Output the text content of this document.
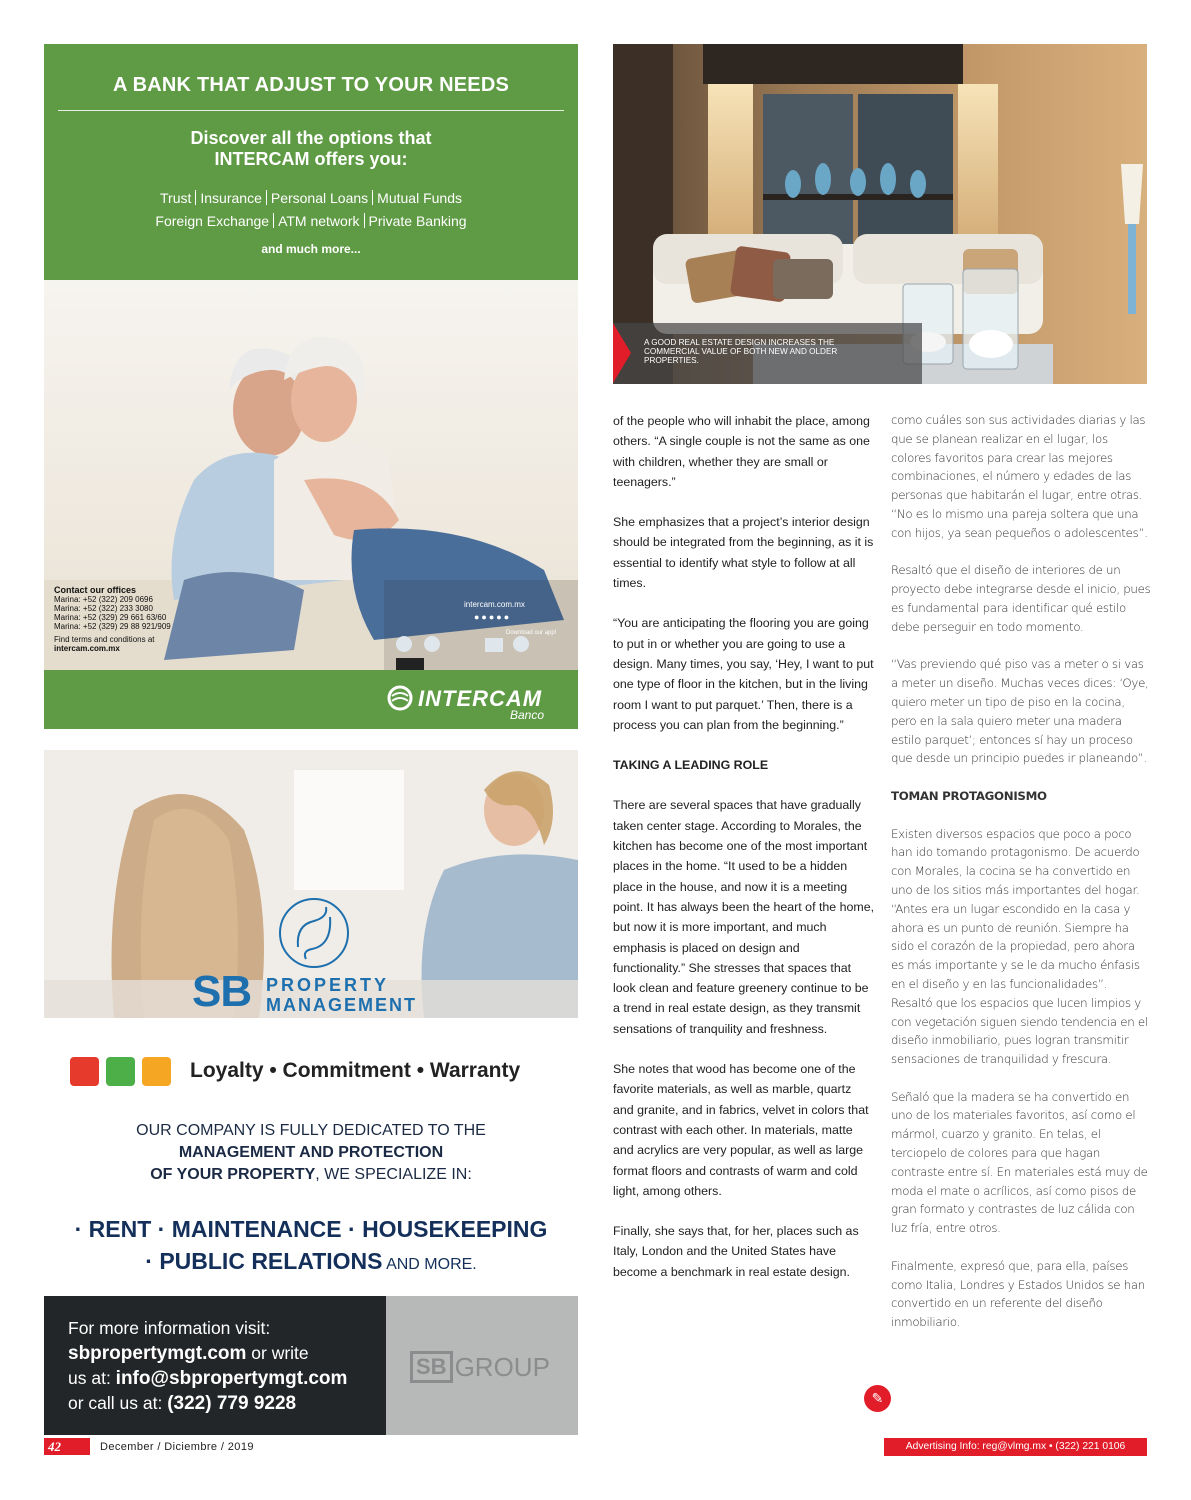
A BANK THAT ADJUST TO YOUR NEEDS
Discover all the options that
INTERCAM offers you:
Trust Insurance Personal Loans Mutual Funds
Foreign Exchange ATM network Private Banking
and much more...
Contact our offices
Marina: +52 (322) 209 0696
Marina: +52 (322) 233 3080
Marina: +52 (329) 29 661 63/60
Marina: +52 (329) 29 88 921/909
Find terms and conditions at
intercam.com.mx
intercam.com.mx
●●●●●
Download our app!

INTERCAM
Banco
SB PROPERTY
MANAGEMENT
Loyalty • Commitment • Warranty
OUR COMPANY IS FULLY DEDICATED TO THE
MANAGEMENT AND PROTECTION
OF YOUR PROPERTY, WE SPECIALIZE IN:
· RENT · MAINTENANCE · HOUSEKEEPING
· PUBLIC RELATIONS AND MORE.
For more information visit:
sbpropertymgt.com or write
us at: info@sbpropertymgt.com
or call us at: (322) 779 9228
SB GROUP
A GOOD REAL ESTATE DESIGN INCREASES THE COMMERCIAL VALUE OF BOTH NEW AND OLDER PROPERTIES.

of the people who will inhabit the place, among others. “A single couple is not the same as one with children, whether they are small or teenagers.”

She emphasizes that a project’s interior design should be integrated from the beginning, as it is essential to identify what style to follow at all times.

“You are anticipating the flooring you are going to put in or whether you are going to use a design. Many times, you say, ‘Hey, I want to put one type of floor in the kitchen, but in the living room I want to put parquet.’ Then, there is a process you can plan from the beginning.”

TAKING A LEADING ROLE

There are several spaces that have gradually taken center stage. According to Morales, the kitchen has become one of the most important places in the home. “It used to be a hidden place in the house, and now it is a meeting point. It has always been the heart of the home, but now it is more important, and much emphasis is placed on design and functionality.” She stresses that spaces that look clean and feature greenery continue to be a trend in real estate design, as they transmit sensations of tranquility and freshness.

She notes that wood has become one of the favorite materials, as well as marble, quartz and granite, and in fabrics, velvet in colors that contrast with each other. In materials, matte and acrylics are very popular, as well as large format floors and contrasts of warm and cold light, among others.

Finally, she says that, for her, places such as Italy, London and the United States have become a benchmark in real estate design.

como cuáles son sus actividades diarias y las que se planean realizar en el lugar, los colores favoritos para crear las mejores combinaciones, el número y edades de las personas que habitarán el lugar, entre otras. “No es lo mismo una pareja soltera que una con hijos, ya sean pequeños o adolescentes”.

Resaltó que el diseño de interiores de un proyecto debe integrarse desde el inicio, pues es fundamental para identificar qué estilo debe perseguir en todo momento.

“Vas previendo qué piso vas a meter o si vas a meter un diseño. Muchas veces dices: ‘Oye, quiero meter un tipo de piso en la cocina, pero en la sala quiero meter una madera estilo parquet’; entonces sí hay un proceso que desde un principio puedes ir planeando”.

TOMAN PROTAGONISMO

Existen diversos espacios que poco a poco han ido tomando protagonismo. De acuerdo con Morales, la cocina se ha convertido en uno de los sitios más importantes del hogar. “Antes era un lugar escondido en la casa y ahora es un punto de reunión. Siempre ha sido el corazón de la propiedad, pero ahora es más importante y se le da mucho énfasis en el diseño y en las funcionalidades”. Resaltó que los espacios que lucen limpios y con vegetación siguen siendo tendencia en el diseño inmobiliario, pues logran transmitir sensaciones de tranquilidad y frescura.

Señaló que la madera se ha convertido en uno de los materiales favoritos, así como el mármol, cuarzo y granito. En telas, el terciopelo de colores para que hagan contraste entre sí. En materiales está muy de moda el mate o acrílicos, así como pisos de gran formato y contrastes de luz cálida con luz fría, entre otros.

Finalmente, expresó que, para ella, países como Italia, Londres y Estados Unidos se han convertido en un referente del diseño inmobiliario.

✎
42	December / Diciembre / 2019	Advertising Info: reg@vlmg.mx • (322) 221 0106
